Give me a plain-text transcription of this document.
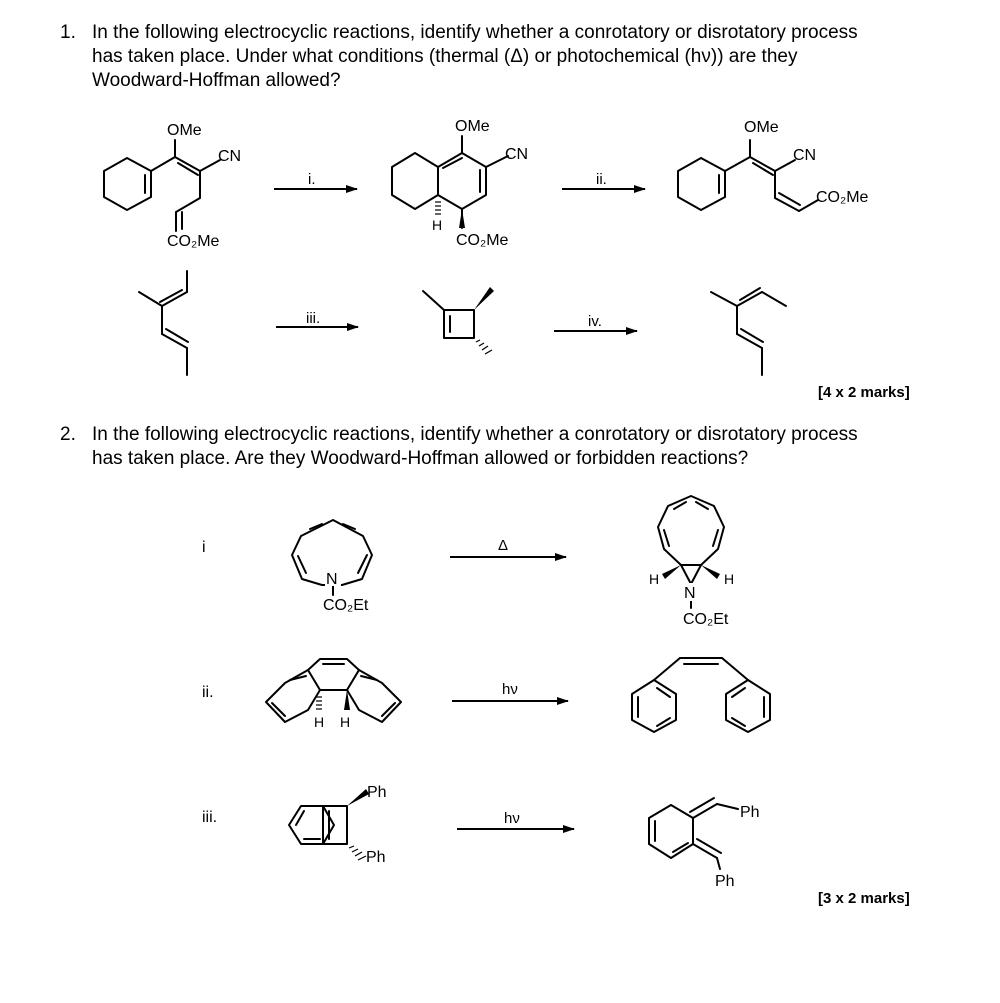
1. In the following electrocyclic reactions, identify whether a conrotatory or disrotatory process
has taken place. Under what conditions (thermal (Δ) or photochemical (hν)) are they
Woodward-Hoffman allowed?
2. In the following electrocyclic reactions, identify whether a conrotatory or disrotatory process
has taken place. Are they Woodward-Hoffman allowed or forbidden reactions?
[4 x 2 marks]
[3 x 2 marks]
OMe
CN
CO₂Me
i.
H
OMe
CN
CO₂Me
ii.
OMe
CN
CO₂Me
iii.	iv.
i
ii.
iii.
N
CO₂Et
Δ
N
H	H
CO₂Et
H H
hν
Ph
Ph
hν	Ph
Ph
